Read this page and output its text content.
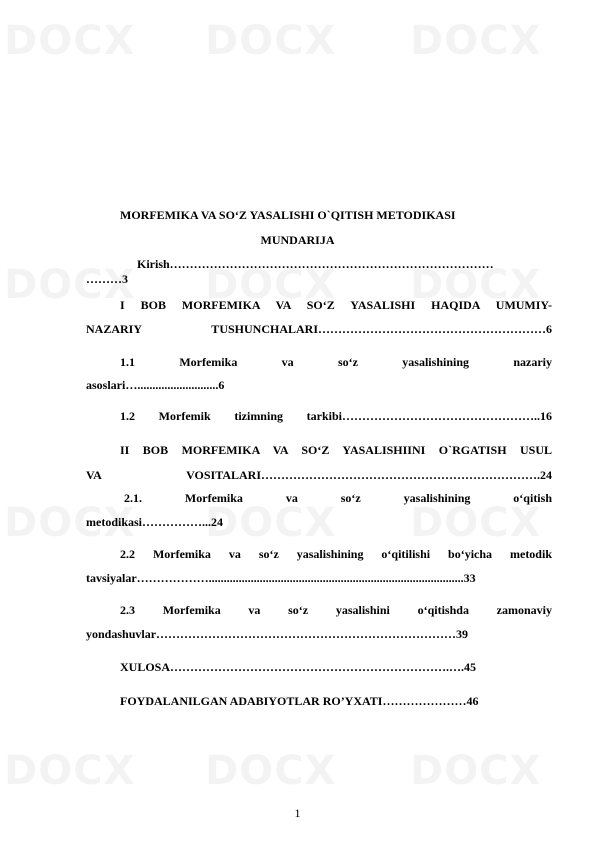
MORFEMIKA VA SO‘Z YASALISHI O`QITISH METODIKASI
MUNDARIJA
Kirish………………………………………………………………………
………3
I BOB MORFEMIKA VA SO‘Z YASALISHI HAQIDA UMUMIY-
NAZARIY TUSHUNCHALARI…………………………………………………6
1.1 Morfemika va so‘z yasalishining nazariy
asoslari…...........................6
1.2 Morfemik tizimning tarkibi…………………………………………..16
II BOB MORFEMIKA VA SO‘Z YASALISHIINI O`RGATISH USUL
VA VOSITALARI…………………………………………………………….24
2.1. Morfemika va so‘z yasalishining o‘qitish
metodikasi……………...24
2.2 Morfemika va so‘z yasalishining o‘qitilishi bo‘yicha metodik
tavsiyalar……………….....................................................................................33
2.3 Morfemika va so‘z yasalishini o‘qitishda zamonaviy
yondashuvlar…………………………………………………………………39
XULOSA…………………………………………………………….….45
FOYDALANILGAN ADABIYOTLAR RO’YXATI…………………46
1
